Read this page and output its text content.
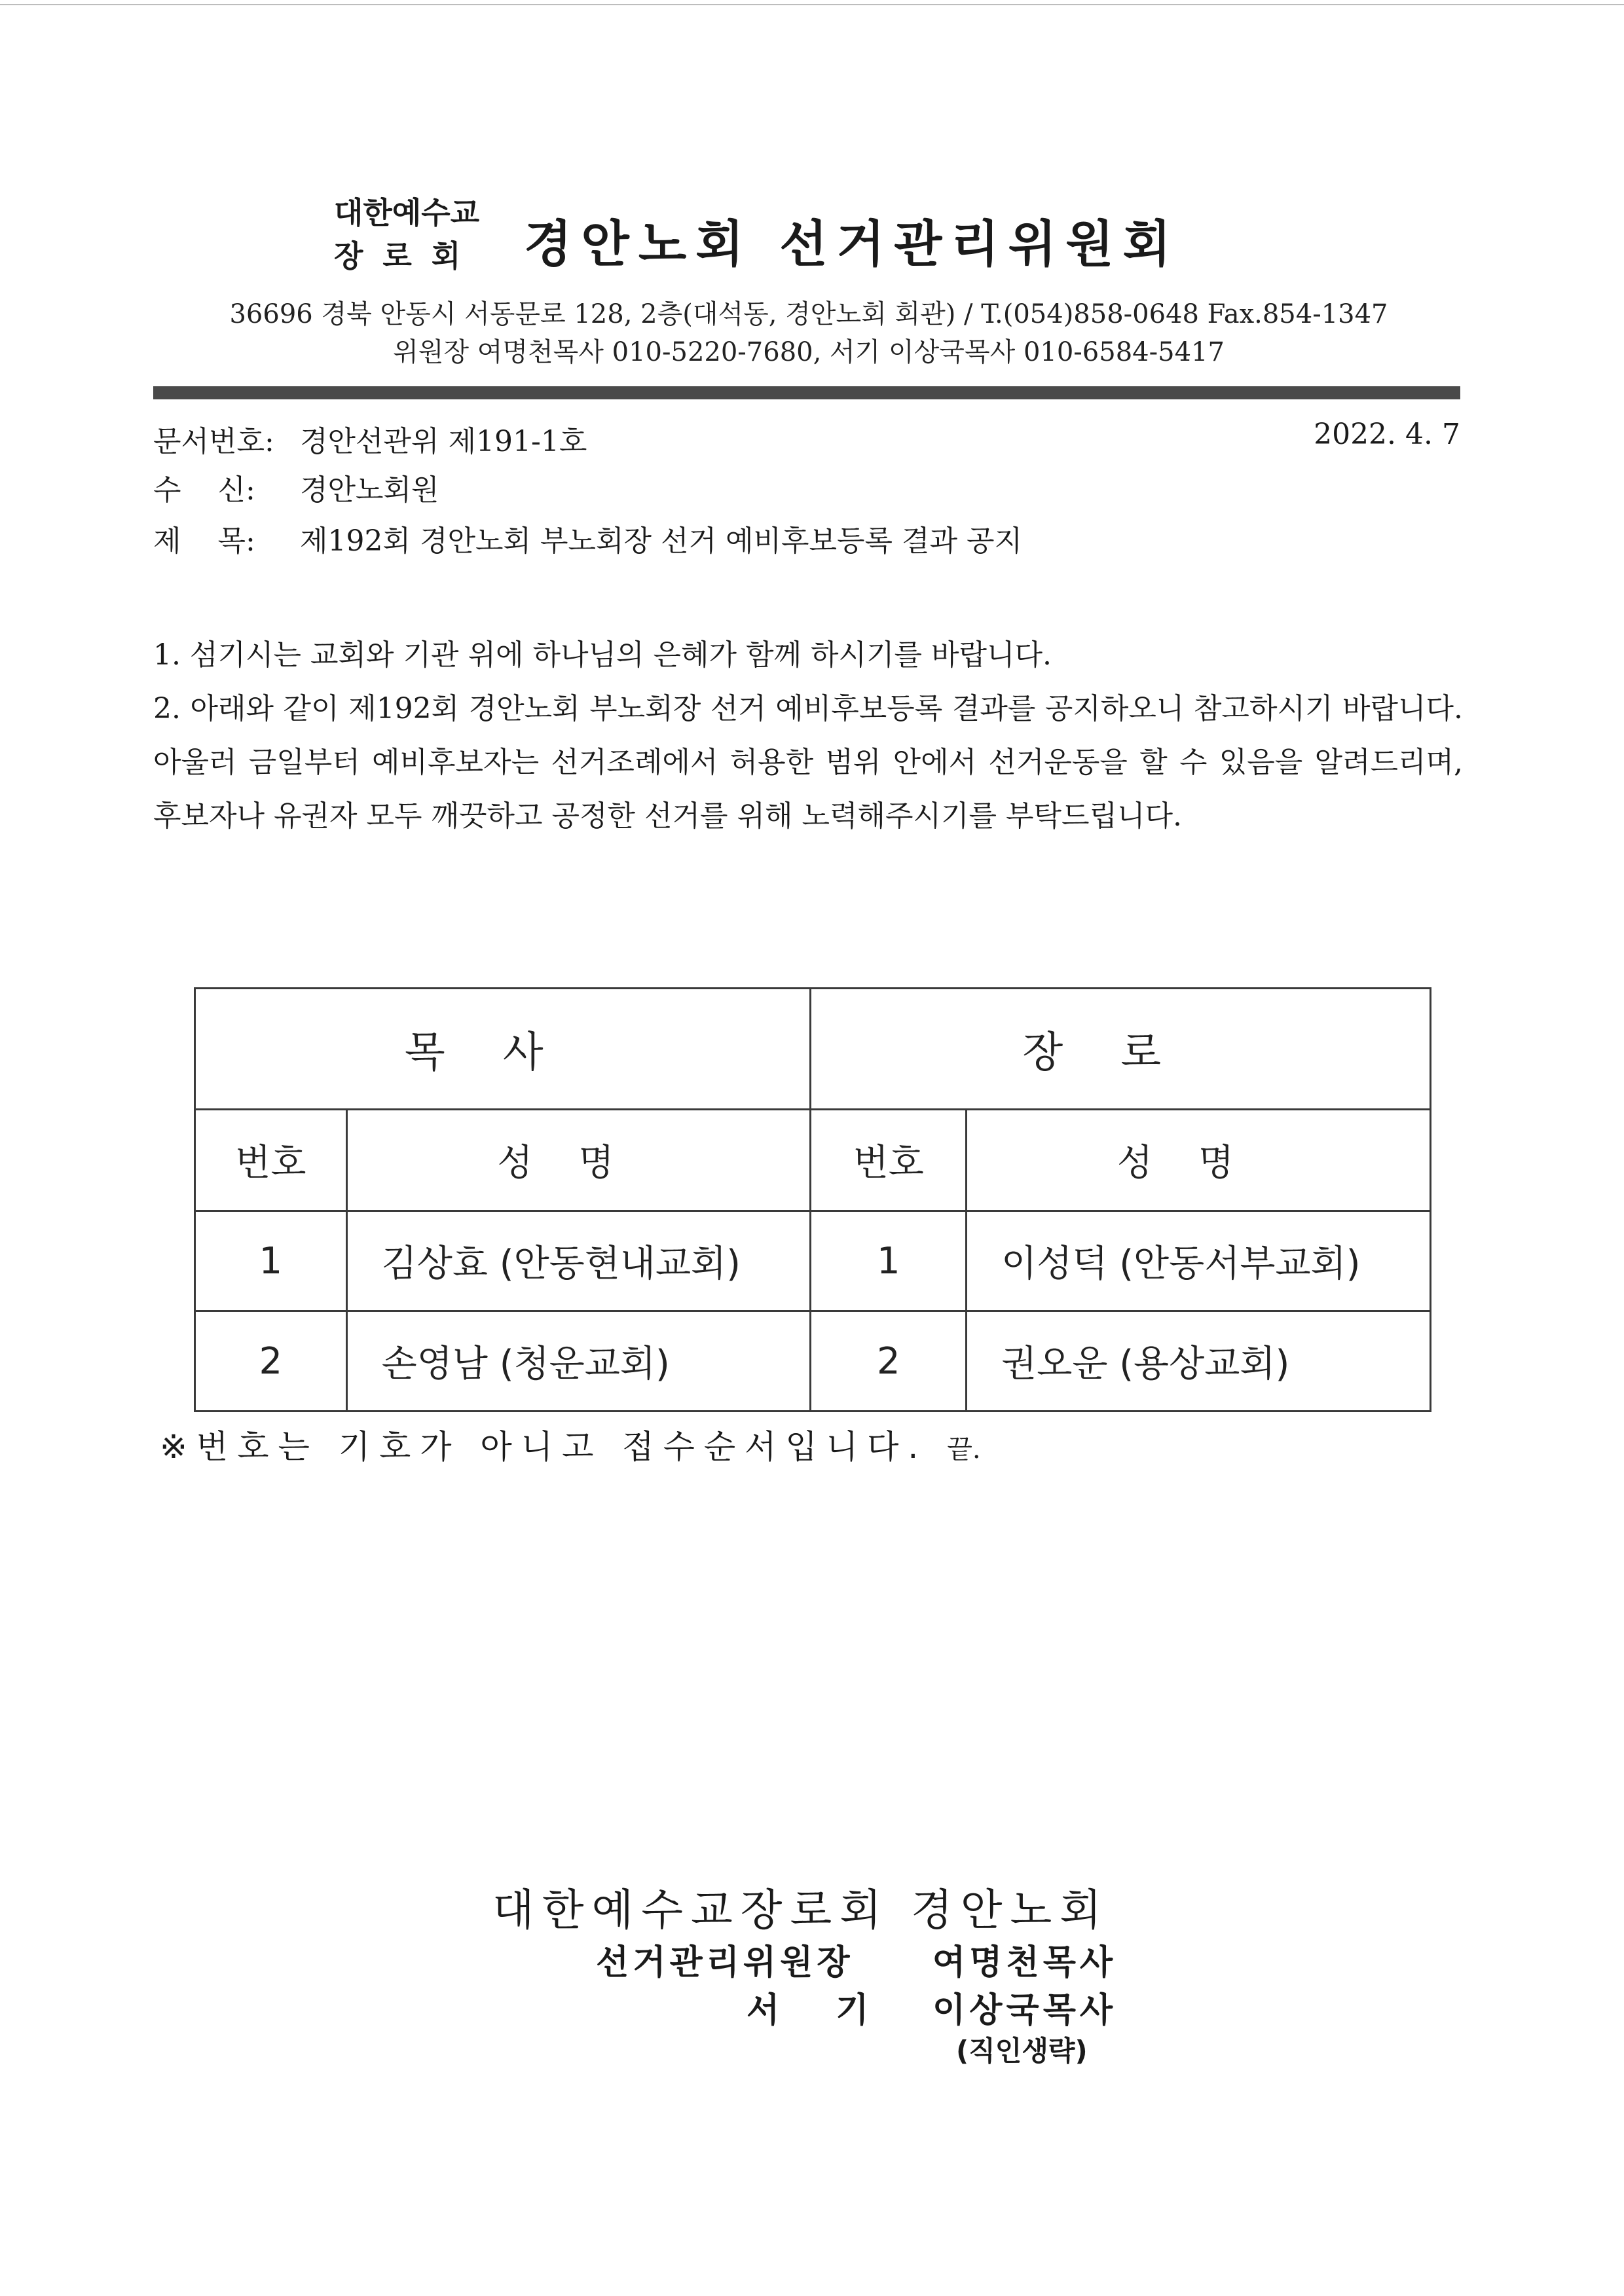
대한예수교
장로회 경안노회 선거관리위원회
36696 경북 안동시 서동문로 128, 2층(대석동, 경안노회 회관) / T.(054)858-0648 Fax.854-1347
위원장 여명천목사 010-5220-7680, 서기 이상국목사 010-6584-5417
문서번호: 경안선관위 제191-1호	2022. 4. 7
수    신: 경안노회원
제    목: 제192회 경안노회 부노회장 선거 예비후보등록 결과 공지

1. 섬기시는 교회와 기관 위에 하나님의 은혜가 함께 하시기를 바랍니다.

2. 아래와 같이 제192회 경안노회 부노회장 선거 예비후보등록 결과를 공지하오니 참고하시기 바랍니다. 아울러 금일부터 예비후보자는 선거조례에서 허용한 범위 안에서 선거운동을 할 수 있음을 알려드리며, 후보자나 유권자 모두 깨끗하고 공정한 선거를 위해 노력해주시기를 부탁드립니다.

목사		장로	
번호	성명	번호	성명
1	김상효 (안동현내교회)	1	이성덕 (안동서부교회)
2	손영남 (청운교회)	2	권오운 (용상교회)
※번호는 기호가 아니고 접수순서입니다. 끝.
대한예수교장로회 경안노회
선거관리위원장 여명천목사
서기 이상국목사
(직인생략)
